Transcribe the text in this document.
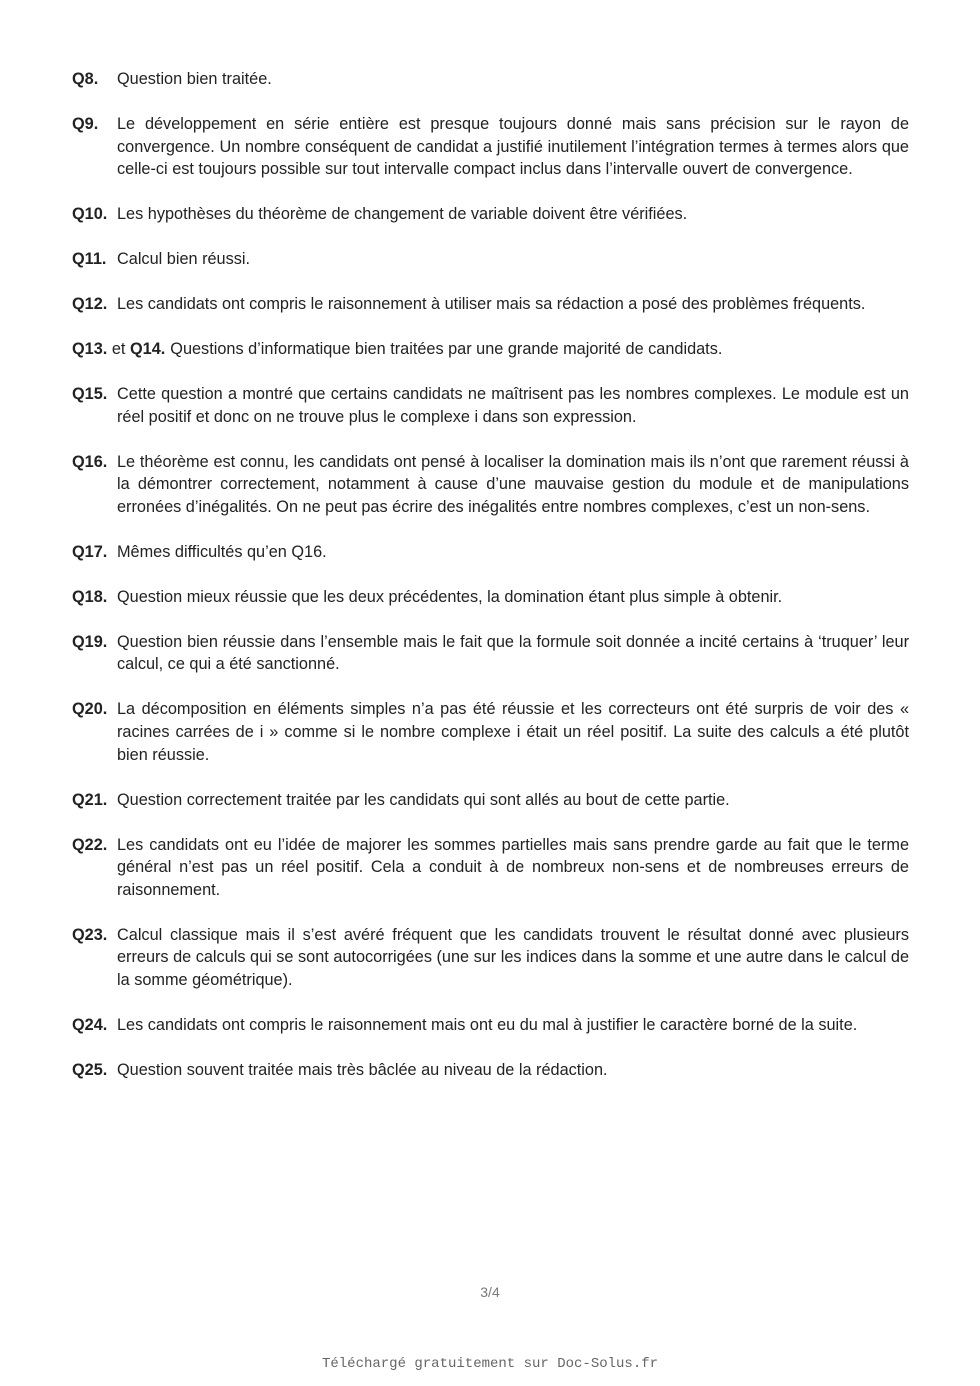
Q8.	Question bien traitée.
Q9.	Le développement en série entière est presque toujours donné mais sans précision sur le rayon de convergence. Un nombre conséquent de candidat a justifié inutilement l’intégration termes à termes alors que celle-ci est toujours possible sur tout intervalle compact inclus dans l’intervalle ouvert de convergence.
Q10. Les hypothèses du théorème de changement de variable doivent être vérifiées.
Q11. Calcul bien réussi.
Q12. Les candidats ont compris le raisonnement à utiliser mais sa rédaction a posé des problèmes fréquents.
Q13. et Q14. Questions d’informatique bien traitées par une grande majorité de candidats.
Q15. Cette question a montré que certains candidats ne maîtrisent pas les nombres complexes. Le module est un réel positif et donc on ne trouve plus le complexe i dans son expression.
Q16. Le théorème est connu, les candidats ont pensé à localiser la domination mais ils n’ont que rarement réussi à la démontrer correctement, notamment à cause d’une mauvaise gestion du module et de manipulations erronées d’inégalités. On ne peut pas écrire des inégalités entre nombres complexes, c’est un non-sens.
Q17. Mêmes difficultés qu’en Q16.
Q18. Question mieux réussie que les deux précédentes, la domination étant plus simple à obtenir.
Q19. Question bien réussie dans l’ensemble mais le fait que la formule soit donnée a incité certains à ‘truquer’ leur calcul, ce qui a été sanctionné.
Q20. La décomposition en éléments simples n’a pas été réussie et les correcteurs ont été surpris de voir des « racines carrées de i » comme si le nombre complexe i était un réel positif. La suite des calculs a été plutôt bien réussie.
Q21. Question correctement traitée par les candidats qui sont allés au bout de cette partie.
Q22. Les candidats ont eu l’idée de majorer les sommes partielles mais sans prendre garde au fait que le terme général n’est pas un réel positif. Cela a conduit à de nombreux non-sens et de nombreuses erreurs de raisonnement.
Q23. Calcul classique mais il s’est avéré fréquent que les candidats trouvent le résultat donné avec plusieurs erreurs de calculs qui se sont autocorrigées (une sur les indices dans la somme et une autre dans le calcul de la somme géométrique).
Q24. Les candidats ont compris le raisonnement mais ont eu du mal à justifier le caractère borné de la suite.
Q25. Question souvent traitée mais très bâclée au niveau de la rédaction.
3/4
Téléchargé gratuitement sur Doc-Solus.fr
